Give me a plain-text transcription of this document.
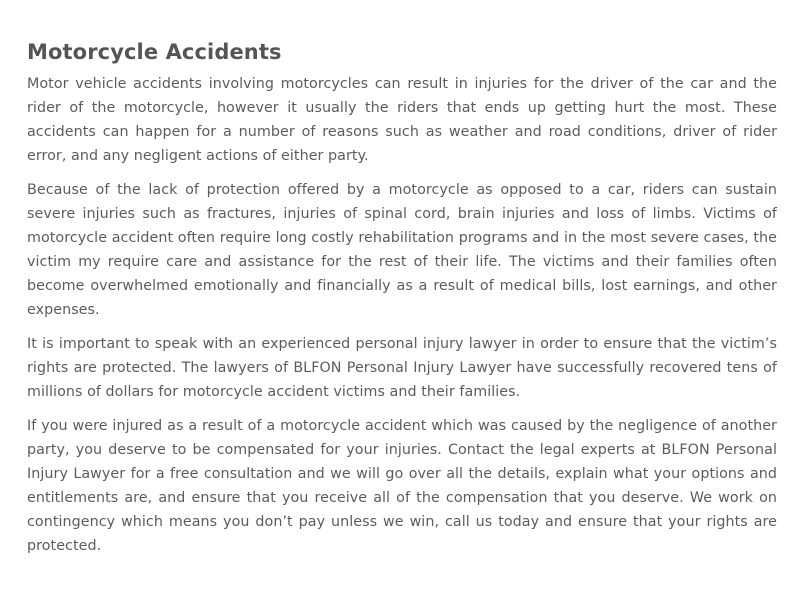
Motorcycle Accidents

Motor vehicle accidents involving motorcycles can result in injuries for the driver of the car and the rider of the motorcycle, however it usually the riders that ends up getting hurt the most. These accidents can happen for a number of reasons such as weather and road conditions, driver of rider error, and any negligent actions of either party.

Because of the lack of protection offered by a motorcycle as opposed to a car, riders can sustain severe injuries such as fractures, injuries of spinal cord, brain injuries and loss of limbs. Victims of motorcycle accident often require long costly rehabilitation programs and in the most severe cases, the victim my require care and assistance for the rest of their life. The victims and their families often become overwhelmed emotionally and financially as a result of medical bills, lost earnings, and other expenses.

It is important to speak with an experienced personal injury lawyer in order to ensure that the victim’s rights are protected. The lawyers of BLFON Personal Injury Lawyer have successfully recovered tens of millions of dollars for motorcycle accident victims and their families.

If you were injured as a result of a motorcycle accident which was caused by the negligence of another party, you deserve to be compensated for your injuries. Contact the legal experts at BLFON Personal Injury Lawyer for a free consultation and we will go over all the details, explain what your options and entitlements are, and ensure that you receive all of the compensation that you deserve. We work on contingency which means you don’t pay unless we win, call us today and ensure that your rights are protected.
